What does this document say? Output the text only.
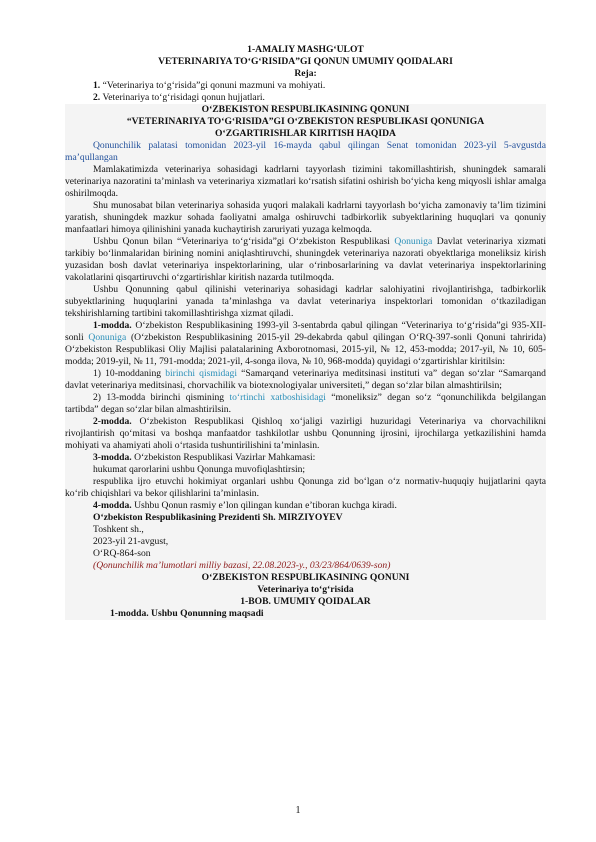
1-AMALIY MASHG‘ULOT

VETERINARIYA TO‘G‘RISIDA”GI QONUN UMUMIY QOIDALARI

Reja:

1. “Veterinariya to‘g‘risida”gi qonuni mazmuni va mohiyati.

2. Veterinariya to‘g‘risidagi qonun hujjatlari.

O‘ZBEKISTON RESPUBLIKASINING QONUNI

“VETERINARIYA TO‘G‘RISIDA”GI O‘ZBEKISTON RESPUBLIKASI QONUNIGA

O‘ZGARTIRISHLAR KIRITISH HAQIDA

Qonunchilik palatasi tomonidan 2023-yil 16-mayda qabul qilingan Senat tomonidan 2023-yil 5-avgustda ma’qullangan

Mamlakatimizda veterinariya sohasidagi kadrlarni tayyorlash tizimini takomillashtirish, shuningdek samarali veterinariya nazoratini ta’minlash va veterinariya xizmatlari ko‘rsatish sifatini oshirish bo‘yicha keng miqyosli ishlar amalga oshirilmoqda.

Shu munosabat bilan veterinariya sohasida yuqori malakali kadrlarni tayyorlash bo‘yicha zamonaviy ta’lim tizimini yaratish, shuningdek mazkur sohada faoliyatni amalga oshiruvchi tadbirkorlik subyektlarining huquqlari va qonuniy manfaatlari himoya qilinishini yanada kuchaytirish zaruriyati yuzaga kelmoqda.

Ushbu Qonun bilan “Veterinariya to‘g‘risida”gi O‘zbekiston Respublikasi Qonuniga Davlat veterinariya xizmati tarkibiy bo‘linmalaridan birining nomini aniqlashtiruvchi, shuningdek veterinariya nazorati obyektlariga moneliksiz kirish yuzasidan bosh davlat veterinariya inspektorlarining, ular o‘rinbosarlarining va davlat veterinariya inspektorlarining vakolatlarini qisqartiruvchi o‘zgartirishlar kiritish nazarda tutilmoqda.

Ushbu Qonunning qabul qilinishi veterinariya sohasidagi kadrlar salohiyatini rivojlantirishga, tadbirkorlik subyektlarining huquqlarini yanada ta’minlashga va davlat veterinariya inspektorlari tomonidan o‘tkaziladigan tekshirishlarning tartibini takomillashtirishga xizmat qiladi.

1-modda. O‘zbekiston Respublikasining 1993-yil 3-sentabrda qabul qilingan “Veterinariya to‘g‘risida”gi 935-XII-sonli Qonuniga (O‘zbekiston Respublikasining 2015-yil 29-dekabrda qabul qilingan O‘RQ-397-sonli Qonuni tahririda) O‘zbekiston Respublikasi Oliy Majlisi palatalarining Axborotnomasi, 2015-yil, № 12, 453-modda; 2017-yil, № 10, 605-modda; 2019-yil, № 11, 791-modda; 2021-yil, 4-songa ilova, № 10, 968-modda) quyidagi o‘zgartirishlar kiritilsin:

1) 10-moddaning birinchi qismidagi “Samarqand veterinariya meditsinasi instituti va” degan so‘zlar “Samarqand davlat veterinariya meditsinasi, chorvachilik va biotexnologiyalar universiteti,” degan so‘zlar bilan almashtirilsin;

2) 13-modda birinchi qismining to‘rtinchi xatboshisidagi “moneliksiz” degan so‘z “qonunchilikda belgilangan tartibda” degan so‘zlar bilan almashtirilsin.

2-modda. O‘zbekiston Respublikasi Qishloq xo‘jaligi vazirligi huzuridagi Veterinariya va chorvachilikni rivojlantirish qo‘mitasi va boshqa manfaatdor tashkilotlar ushbu Qonunning ijrosini, ijrochilarga yetkazilishini hamda mohiyati va ahamiyati aholi o‘rtasida tushuntirilishini ta’minlasin.

3-modda. O‘zbekiston Respublikasi Vazirlar Mahkamasi:

hukumat qarorlarini ushbu Qonunga muvofiqlashtirsin;

respublika ijro etuvchi hokimiyat organlari ushbu Qonunga zid bo‘lgan o‘z normativ-huquqiy hujjatlarini qayta ko‘rib chiqishlari va bekor qilishlarini ta’minlasin.

4-modda. Ushbu Qonun rasmiy e’lon qilingan kundan e’tiboran kuchga kiradi.

O‘zbekiston Respublikasining Prezidenti Sh. MIRZIYOYEV

Toshkent sh.,

2023-yil 21-avgust,

O‘RQ-864-son

(Qonunchilik ma’lumotlari milliy bazasi, 22.08.2023-y., 03/23/864/0639-son)

O‘ZBEKISTON RESPUBLIKASINING QONUNI

Veterinariya to‘g‘risida

1-BOB. UMUMIY QOIDALAR

1-modda. Ushbu Qonunning maqsadi

1
